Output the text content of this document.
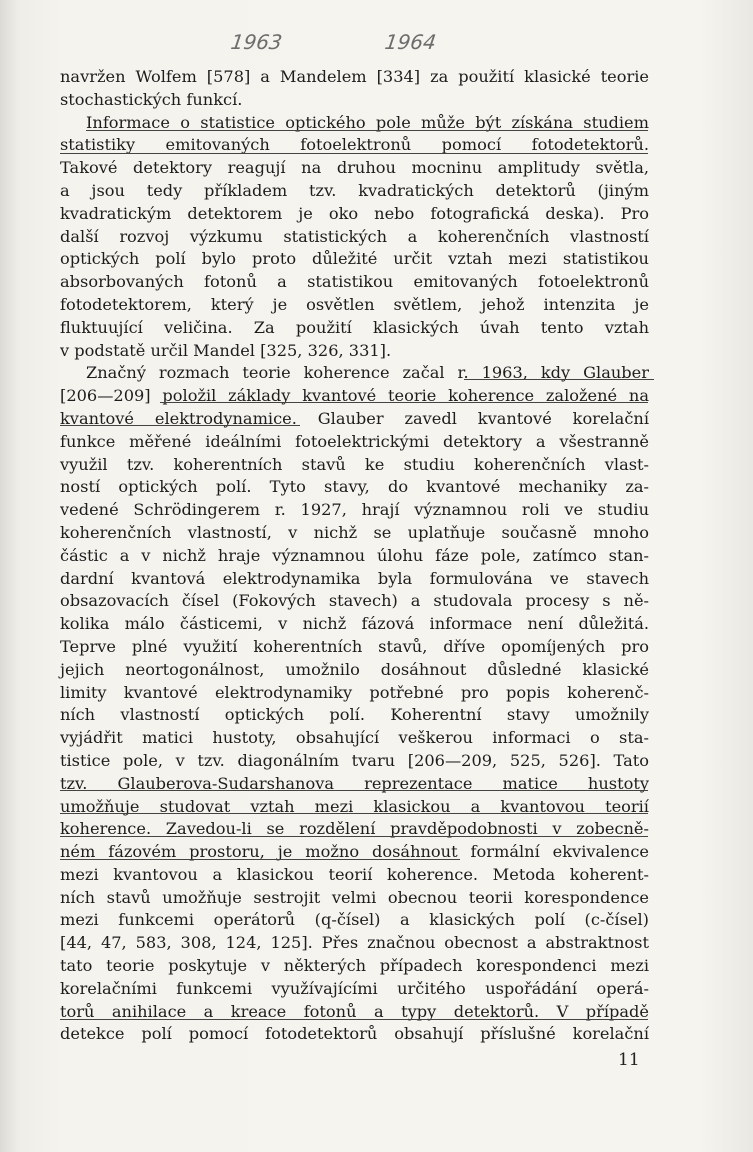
1963	1964
navržen Wolfem [578] a Mandelem [334] za použití klasické teorie
stochastických funkcí.
Informace o statistice optického pole může být získána studiem
statistiky emitovaných fotoelektronů pomocí fotodetektorů.
Takové detektory reagují na druhou mocninu amplitudy světla,
a jsou tedy příkladem tzv. kvadratických detektorů (jiným
kvadratickým detektorem je oko nebo fotografická deska). Pro
další rozvoj výzkumu statistických a koherenčních vlastností
optických polí bylo proto důležité určit vztah mezi statistikou
absorbovaných fotonů a statistikou emitovaných fotoelektronů
fotodetektorem, který je osvětlen světlem, jehož intenzita je
fluktuující veličina. Za použití klasických úvah tento vztah
v podstatě určil Mandel [325, 326, 331].
Značný rozmach teorie koherence začal r. 1963, kdy Glauber
[206—209] položil základy kvantové teorie koherence založené na
kvantové elektrodynamice. Glauber zavedl kvantové korelační
funkce měřené ideálními fotoelektrickými detektory a všestranně
využil tzv. koherentních stavů ke studiu koherenčních vlast-
ností optických polí. Tyto stavy, do kvantové mechaniky za-
vedené Schrödingerem r. 1927, hrají významnou roli ve studiu
koherenčních vlastností, v nichž se uplatňuje současně mnoho
částic a v nichž hraje významnou úlohu fáze pole, zatímco stan-
dardní kvantová elektrodynamika byla formulována ve stavech
obsazovacích čísel (Fokových stavech) a studovala procesy s ně-
kolika málo částicemi, v nichž fázová informace není důležitá.
Teprve plné využití koherentních stavů, dříve opomíjených pro
jejich neortogonálnost, umožnilo dosáhnout důsledné klasické
limity kvantové elektrodynamiky potřebné pro popis koherenč-
ních vlastností optických polí. Koherentní stavy umožnily
vyjádřit matici hustoty, obsahující veškerou informaci o sta-
tistice pole, v tzv. diagonálním tvaru [206—209, 525, 526]. Tato
tzv. Glauberova-Sudarshanova reprezentace matice hustoty
umožňuje studovat vztah mezi klasickou a kvantovou teorií
koherence. Zavedou-li se rozdělení pravděpodobnosti v zobecně-
ném fázovém prostoru, je možno dosáhnout formální ekvivalence
mezi kvantovou a klasickou teorií koherence. Metoda koherent-
ních stavů umožňuje sestrojit velmi obecnou teorii korespondence
mezi funkcemi operátorů (q-čísel) a klasických polí (c-čísel)
[44, 47, 583, 308, 124, 125]. Přes značnou obecnost a abstraktnost
tato teorie poskytuje v některých případech korespondenci mezi
korelačními funkcemi využívajícími určitého uspořádání operá-
torů anihilace a kreace fotonů a typy detektorů. V případě
detekce polí pomocí fotodetektorů obsahují příslušné korelační
11
